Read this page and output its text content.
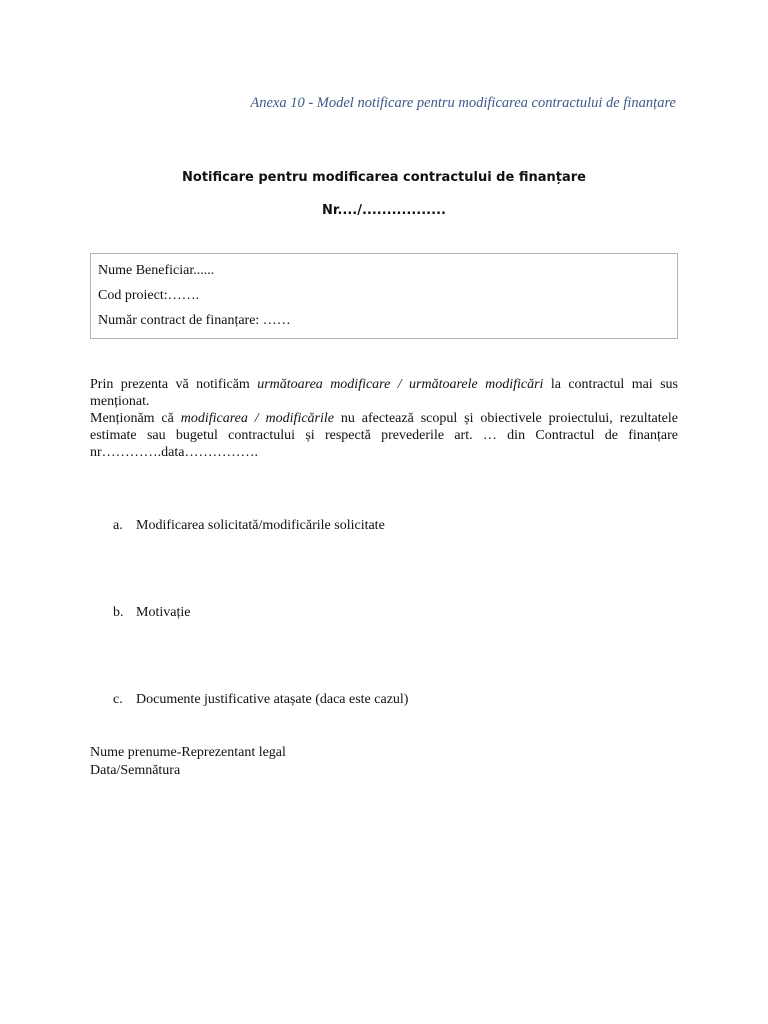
Anexa 10 - Model notificare pentru modificarea contractului de finanțare
Notificare pentru modificarea contractului de finanțare
Nr..../.................
Nume Beneficiar......
Cod proiect:…….
Număr contract de finanțare: ……

Prin prezenta vă notificăm următoarea modificare / următoarele modificări la contractul mai sus menționat.

Menționăm că modificarea / modificările nu afectează scopul și obiectivele proiectului, rezultatele estimate sau bugetul contractului și respectă prevederile art. … din Contractul de finanțare nr………….data…………….

a. Modificarea solicitată/modificările solicitate
b. Motivație
c. Documente justificative atașate (daca este cazul)
Nume prenume-Reprezentant legal
Data/Semnătura
